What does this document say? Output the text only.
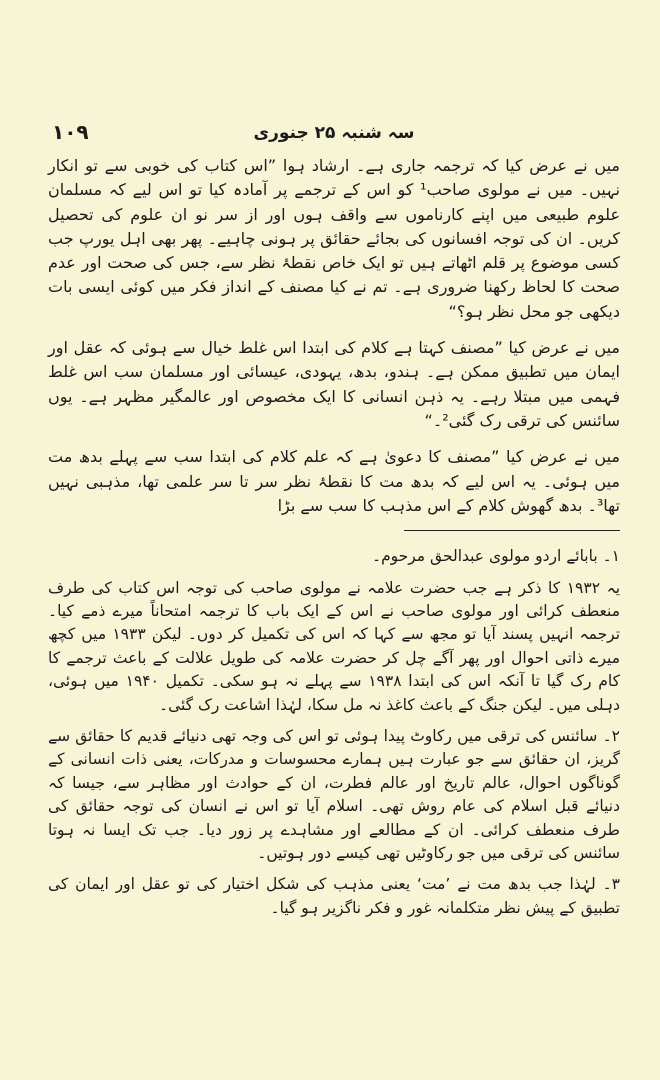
سہ شنبہ ۲۵ جنوری
۱۰۹

میں نے عرض کیا کہ ترجمہ جاری ہے۔ ارشاد ہوا ”اس کتاب کی خوبی سے تو انکار نہیں۔ میں نے مولوی صاحب¹ کو اس کے ترجمے پر آمادہ کیا تو اس لیے کہ مسلمان علوم طبیعی میں اپنے کارناموں سے واقف ہوں اور از سر نو ان علوم کی تحصیل کریں۔ ان کی توجہ افسانوں کی بجائے حقائق پر ہونی چاہیے۔ پھر بھی اہل یورپ جب کسی موضوع پر قلم اٹھاتے ہیں تو ایک خاص نقطۂ نظر سے، جس کی صحت اور عدم صحت کا لحاظ رکھنا ضروری ہے۔ تم نے کیا مصنف کے انداز فکر میں کوئی ایسی بات دیکھی جو محل نظر ہو؟“

میں نے عرض کیا ”مصنف کہتا ہے کلام کی ابتدا اس غلط خیال سے ہوئی کہ عقل اور ایمان میں تطبیق ممکن ہے۔ ہندو، بدھ، یہودی، عیسائی اور مسلمان سب اس غلط فہمی میں مبتلا رہے۔ یہ ذہن انسانی کا ایک مخصوص اور عالمگیر مظہر ہے۔ یوں سائنس کی ترقی رک گئی²۔“

میں نے عرض کیا ”مصنف کا دعویٰ ہے کہ علم کلام کی ابتدا سب سے پہلے بدھ مت میں ہوئی۔ یہ اس لیے کہ بدھ مت کا نقطۂ نظر سر تا سر علمی تھا، مذہبی نہیں تھا³۔ بدھ گھوش کلام کے اس مذہب کا سب سے بڑا

۱۔ بابائے اردو مولوی عبدالحق مرحوم۔

یہ ۱۹۳۲ کا ذکر ہے جب حضرت علامہ نے مولوی صاحب کی توجہ اس کتاب کی طرف منعطف کرائی اور مولوی صاحب نے اس کے ایک باب کا ترجمہ امتحاناً میرے ذمے کیا۔ ترجمہ انہیں پسند آیا تو مجھ سے کہا کہ اس کی تکمیل کر دوں۔ لیکن ۱۹۳۳ میں کچھ میرے ذاتی احوال اور پھر آگے چل کر حضرت علامہ کی طویل علالت کے باعث ترجمے کا کام رک گیا تا آنکہ اس کی ابتدا ۱۹۳۸ سے پہلے نہ ہو سکی۔ تکمیل ۱۹۴۰ میں ہوئی، دہلی میں۔ لیکن جنگ کے باعث کاغذ نہ مل سکا، لہٰذا اشاعت رک گئی۔

۲۔ سائنس کی ترقی میں رکاوٹ پیدا ہوئی تو اس کی وجہ تھی دنیائے قدیم کا حقائق سے گریز، ان حقائق سے جو عبارت ہیں ہمارے محسوسات و مدرکات، یعنی ذات انسانی کے گوناگوں احوال، عالم تاریخ اور عالم فطرت، ان کے حوادث اور مظاہر سے، جیسا کہ دنیائے قبل اسلام کی عام روش تھی۔ اسلام آیا تو اس نے انسان کی توجہ حقائق کی طرف منعطف کرائی۔ ان کے مطالعے اور مشاہدے پر زور دیا۔ جب تک ایسا نہ ہوتا سائنس کی ترقی میں جو رکاوٹیں تھی کیسے دور ہوتیں۔

۳۔ لہٰذا جب بدھ مت نے ’مت‘ یعنی مذہب کی شکل اختیار کی تو عقل اور ایمان کی تطبیق کے پیش نظر متکلمانہ غور و فکر ناگزیر ہو گیا۔
